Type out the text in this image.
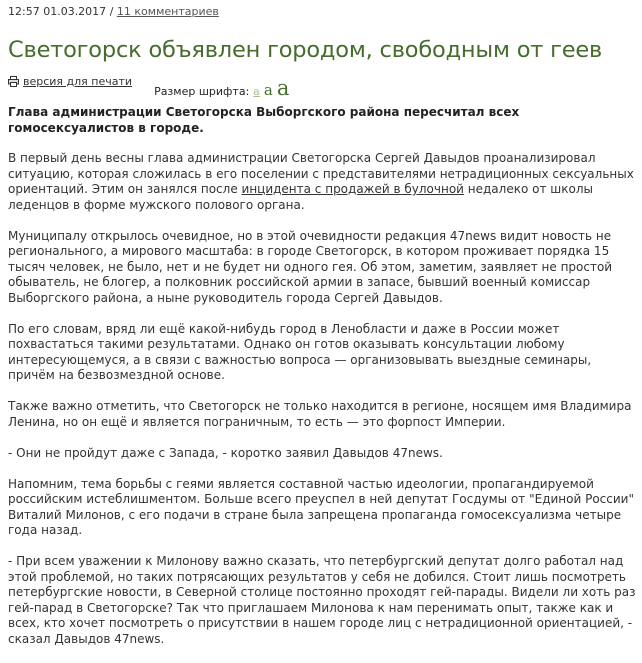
12:57 01.03.2017 / 11 комментариев
Светогорск объявлен городом, свободным от геев
версия для печати
Размер шрифта: a a a
Глава администрации Светогорска Выборгского района пересчитал всех гомосексуалистов в городе.

В первый день весны глава администрации Светогорска Сергей Давыдов проанализировал ситуацию, которая сложилась в его поселении с представителями нетрадиционных сексуальных ориентаций. Этим он занялся после инцидента с продажей в булочной недалеко от школы леденцов в форме мужского полового органа.

Муниципалу открылось очевидное, но в этой очевидности редакция 47news видит новость не регионального, а мирового масштаба: в городе Светогорск, в котором проживает порядка 15 тысяч человек, не было, нет и не будет ни одного гея. Об этом, заметим, заявляет не простой обыватель, не блогер, а полковник российской армии в запасе, бывший военный комиссар Выборгского района, а ныне руководитель города Сергей Давыдов.

По его словам, вряд ли ещё какой-нибудь город в Ленобласти и даже в России может похвастаться такими результатами. Однако он готов оказывать консультации любому интересующемуся, а в связи с важностью вопроса — организовывать выездные семинары, причём на безвозмездной основе.

Также важно отметить, что Светогорск не только находится в регионе, носящем имя Владимира Ленина, но он ещё и является пограничным, то есть — это форпост Империи.

- Они не пройдут даже с Запада, - коротко заявил Давыдов 47news.

Напомним, тема борьбы с геями является составной частью идеологии, пропагандируемой российским истеблишментом. Больше всего преуспел в ней депутат Госдумы от "Единой России" Виталий Милонов, с его подачи в стране была запрещена пропаганда гомосексуализма четыре года назад.

- При всем уважении к Милонову важно сказать, что петербургский депутат долго работал над этой проблемой, но таких потрясающих результатов у себя не добился. Стоит лишь посмотреть петербургские новости, в Северной столице постоянно проходят гей-парады. Видели ли хоть раз гей-парад в Светогорске? Так что приглашаем Милонова к нам перенимать опыт, также как и всех, кто хочет посмотреть о присутствии в нашем городе лиц с нетрадиционной ориентацией, - сказал Давыдов 47news.
